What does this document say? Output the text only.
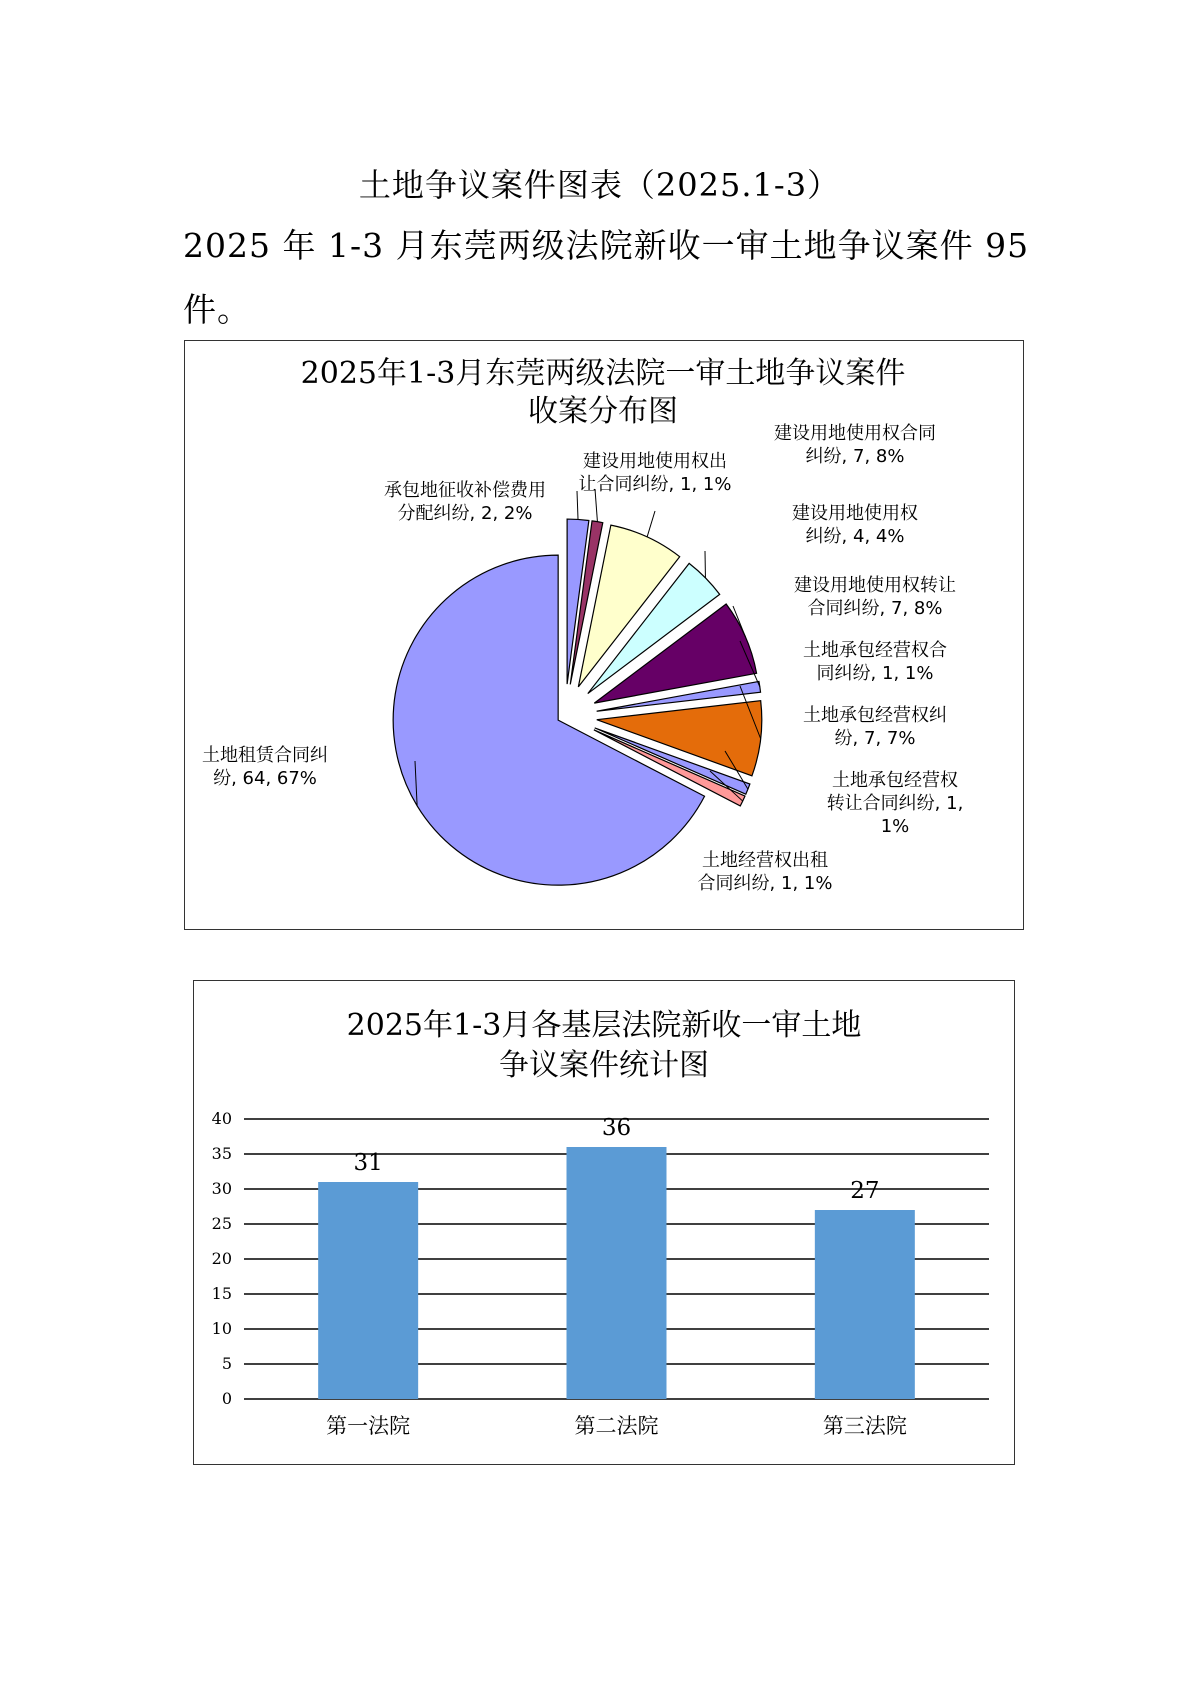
土地争议案件图表（2025.1-3）
2025 年 1-3 月东莞两级法院新收一审土地争议案件 95 件。
2025年1-3月东莞两级法院一审土地争议案件
收案分布图
承包地征收补偿费用
分配纠纷, 2, 2%
建设用地使用权出
让合同纠纷, 1, 1%
建设用地使用权合同
纠纷, 7, 8%
建设用地使用权
纠纷, 4, 4%
建设用地使用权转让
合同纠纷, 7, 8%
土地承包经营权合
同纠纷, 1, 1%
土地承包经营权纠
纷, 7, 7%
土地承包经营权
转让合同纠纷, 1,
1%
土地经营权出租
合同纠纷, 1, 1%
土地租赁合同纠
纷, 64, 67%
2025年1-3月各基层法院新收一审土地
争议案件统计图
0
5
10
15
20
25
30
35
40
31
第一法院
36
第二法院
27
第三法院
